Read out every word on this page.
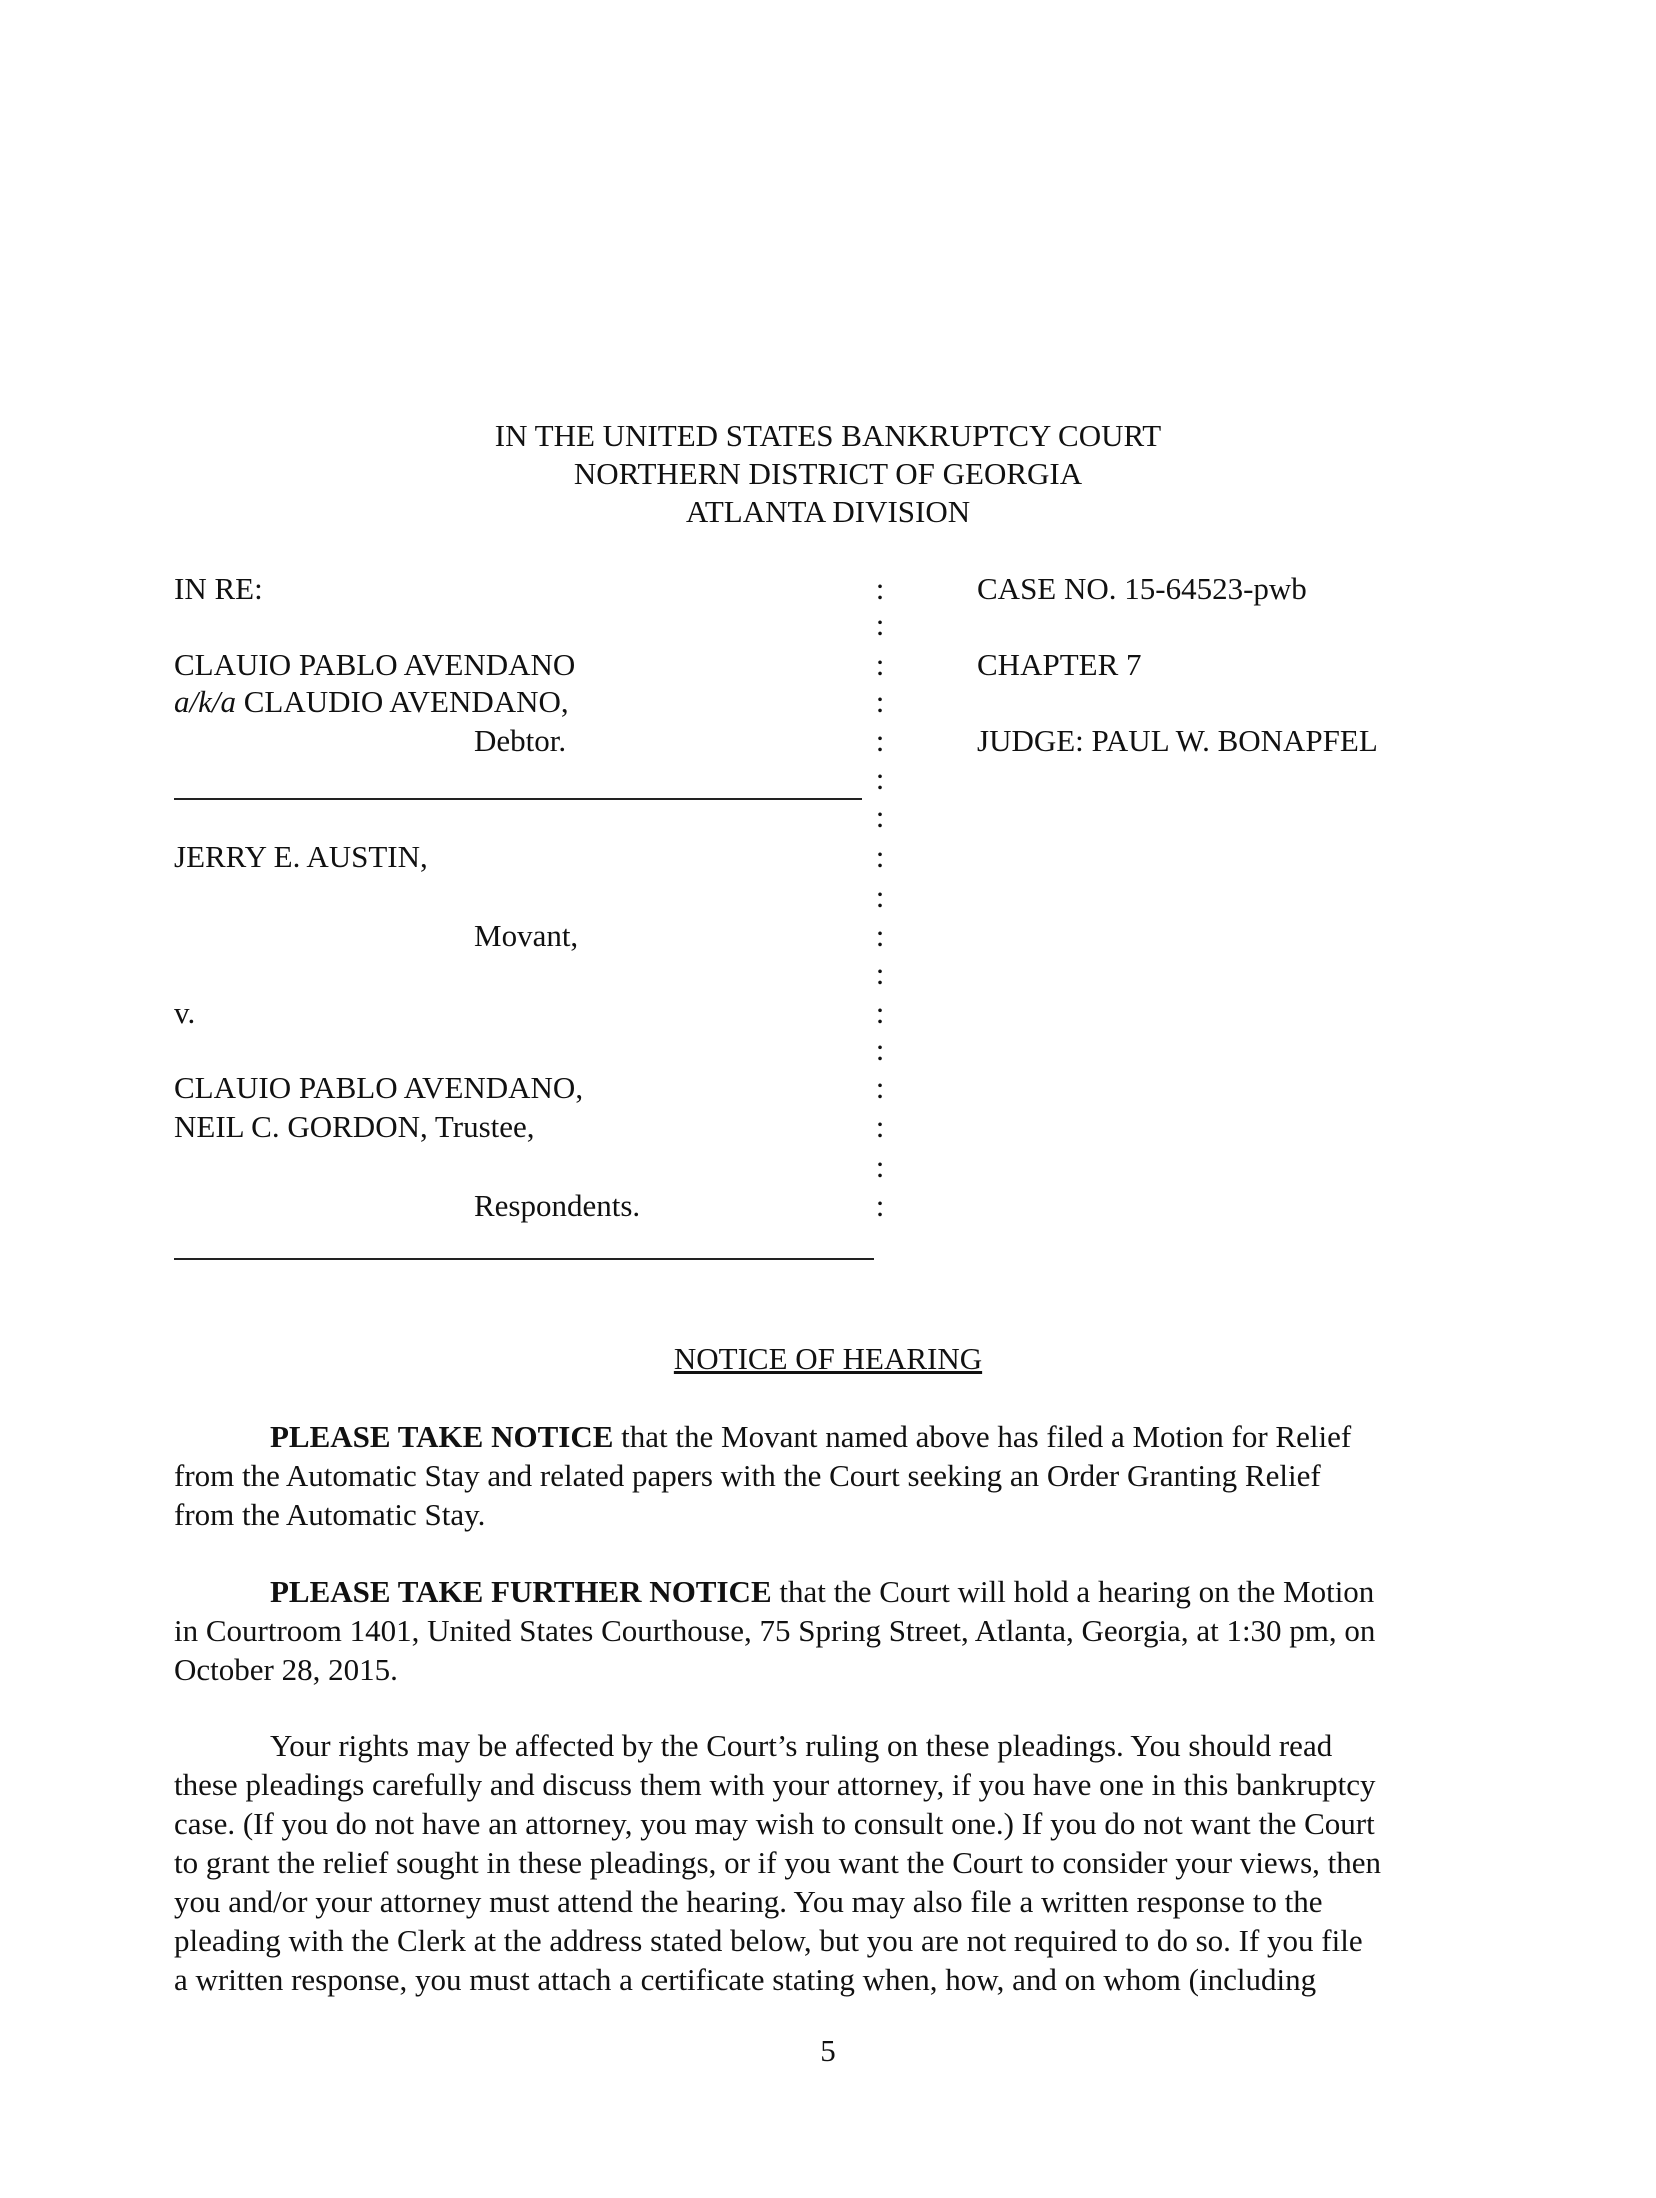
IN THE UNITED STATES BANKRUPTCY COURT
NORTHERN DISTRICT OF GEORGIA
ATLANTA DIVISION
IN RE:
CLAUIO PABLO AVENDANO
a/k/a CLAUDIO AVENDANO,
Debtor.
JERRY E. AUSTIN,
Movant,
v.
CLAUIO PABLO AVENDANO,
NEIL C. GORDON, Trustee,
Respondents.
:
:
:
:
:
:
:
:
:
:
:
:
:
:
:
:
:
CASE NO. 15-64523-pwb
CHAPTER 7
JUDGE: PAUL W. BONAPFEL
NOTICE OF HEARING

PLEASE TAKE NOTICE that the Movant named above has filed a Motion for Relief

from the Automatic Stay and related papers with the Court seeking an Order Granting Relief

from the Automatic Stay.

PLEASE TAKE FURTHER NOTICE that the Court will hold a hearing on the Motion

in Courtroom 1401, United States Courthouse, 75 Spring Street, Atlanta, Georgia, at 1:30 pm, on

October 28, 2015.

Your rights may be affected by the Court’s ruling on these pleadings. You should read

these pleadings carefully and discuss them with your attorney, if you have one in this bankruptcy

case. (If you do not have an attorney, you may wish to consult one.) If you do not want the Court

to grant the relief sought in these pleadings, or if you want the Court to consider your views, then

you and/or your attorney must attend the hearing. You may also file a written response to the

pleading with the Clerk at the address stated below, but you are not required to do so. If you file

a written response, you must attach a certificate stating when, how, and on whom (including

5
